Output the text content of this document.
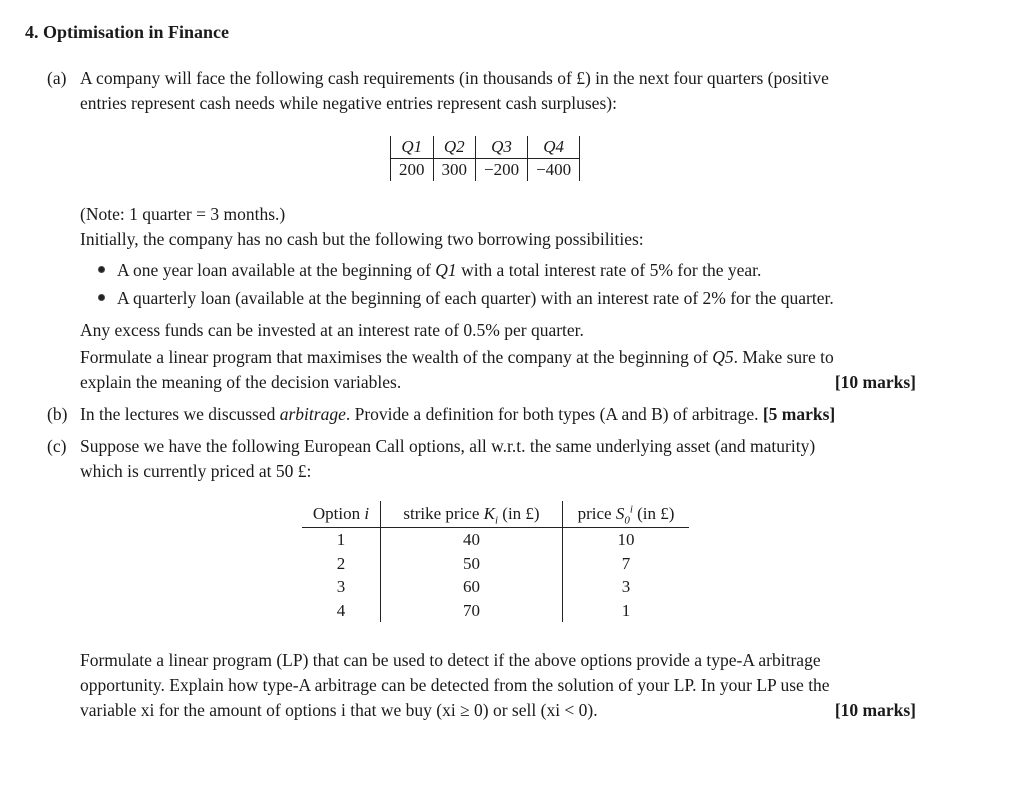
4. Optimisation in Finance
(a) A company will face the following cash requirements (in thousands of £) in the next four quarters (positive
entries represent cash needs while negative entries represent cash surpluses):
Q1	Q2	Q3	Q4
200	300	−200	−400
(Note: 1 quarter = 3 months.)
Initially, the company has no cash but the following two borrowing possibilities:
A one year loan available at the beginning of Q1 with a total interest rate of 5% for the year.
A quarterly loan (available at the beginning of each quarter) with an interest rate of 2% for the quarter.
Any excess funds can be invested at an interest rate of 0.5% per quarter.
Formulate a linear program that maximises the wealth of the company at the beginning of Q5. Make sure to
explain the meaning of the decision variables.	[10 marks]
(b) In the lectures we discussed arbitrage. Provide a definition for both types (A and B) of arbitrage. [5 marks]
(c) Suppose we have the following European Call options, all w.r.t. the same underlying asset (and maturity)
which is currently priced at 50 £:
Option i	strike price $K_i$ (in £)	price $S_0^i$ (in £)
1	40	10
2	50	7
3	60	3
4	70	1
Formulate a linear program (LP) that can be used to detect if the above options provide a type-A arbitrage
opportunity. Explain how type-A arbitrage can be detected from the solution of your LP. In your LP use the
variable xi for the amount of options i that we buy (xi ≥ 0) or sell (xi < 0).	[10 marks]
